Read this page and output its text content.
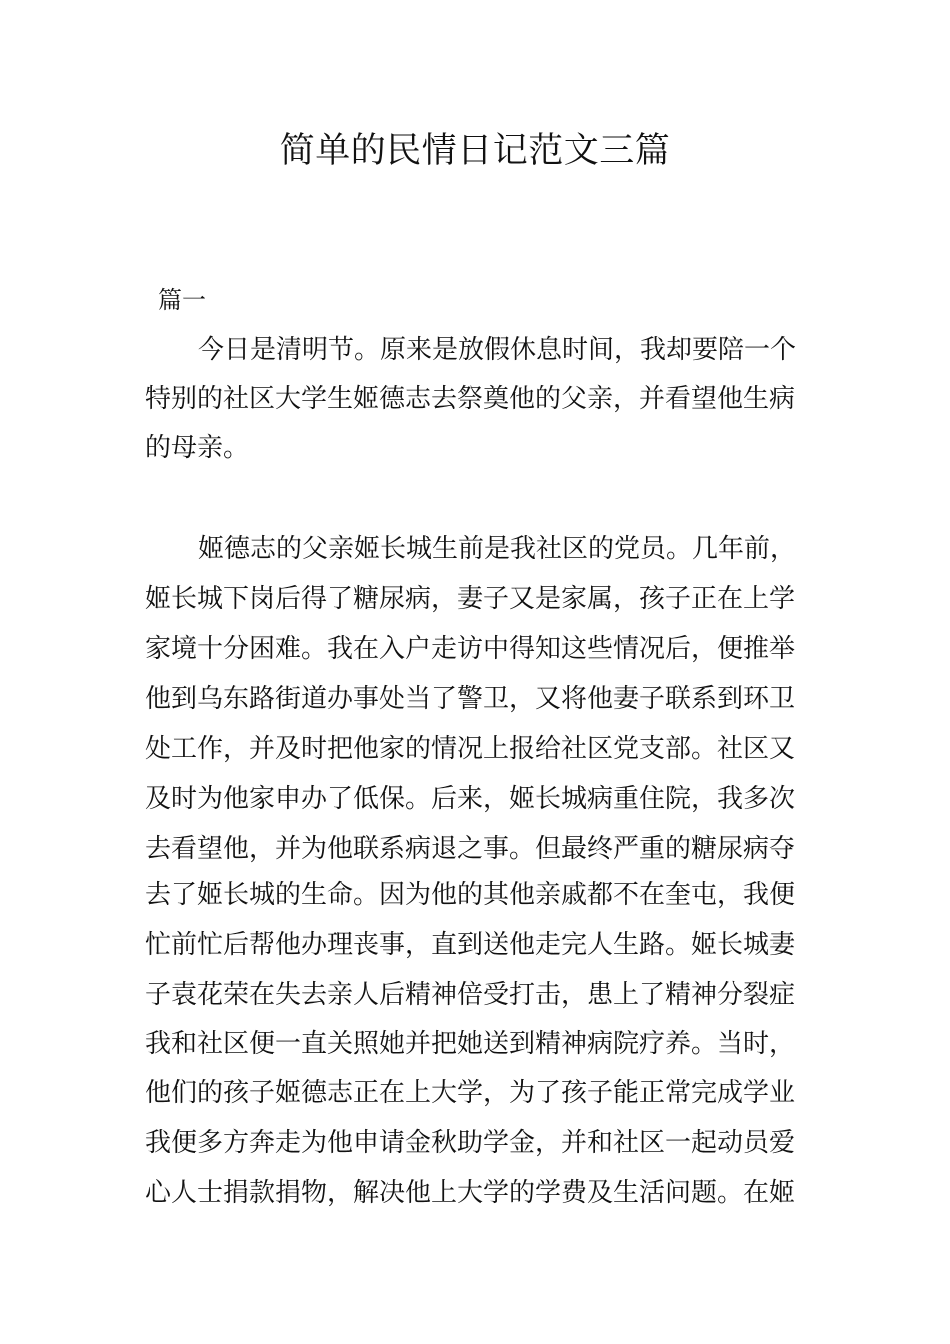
简单的民情日记范文三篇

篇一

今日是清明节。原来是放假休息时间，我却要陪一个

特别的社区大学生姬德志去祭奠他的父亲，并看望他生病

的母亲。

姬德志的父亲姬长城生前是我社区的党员。几年前，

姬长城下岗后得了糖尿病，妻子又是家属，孩子正在上学

家境十分困难。我在入户走访中得知这些情况后，便推举

他到乌东路街道办事处当了警卫，又将他妻子联系到环卫

处工作，并及时把他家的情况上报给社区党支部。社区又

及时为他家申办了低保。后来，姬长城病重住院，我多次

去看望他，并为他联系病退之事。但最终严重的糖尿病夺

去了姬长城的生命。因为他的其他亲戚都不在奎屯，我便

忙前忙后帮他办理丧事，直到送他走完人生路。姬长城妻

子袁花荣在失去亲人后精神倍受打击，患上了精神分裂症

我和社区便一直关照她并把她送到精神病院疗养。当时，

他们的孩子姬德志正在上大学，为了孩子能正常完成学业

我便多方奔走为他申请金秋助学金，并和社区一起动员爱

心人士捐款捐物，解决他上大学的学费及生活问题。在姬
